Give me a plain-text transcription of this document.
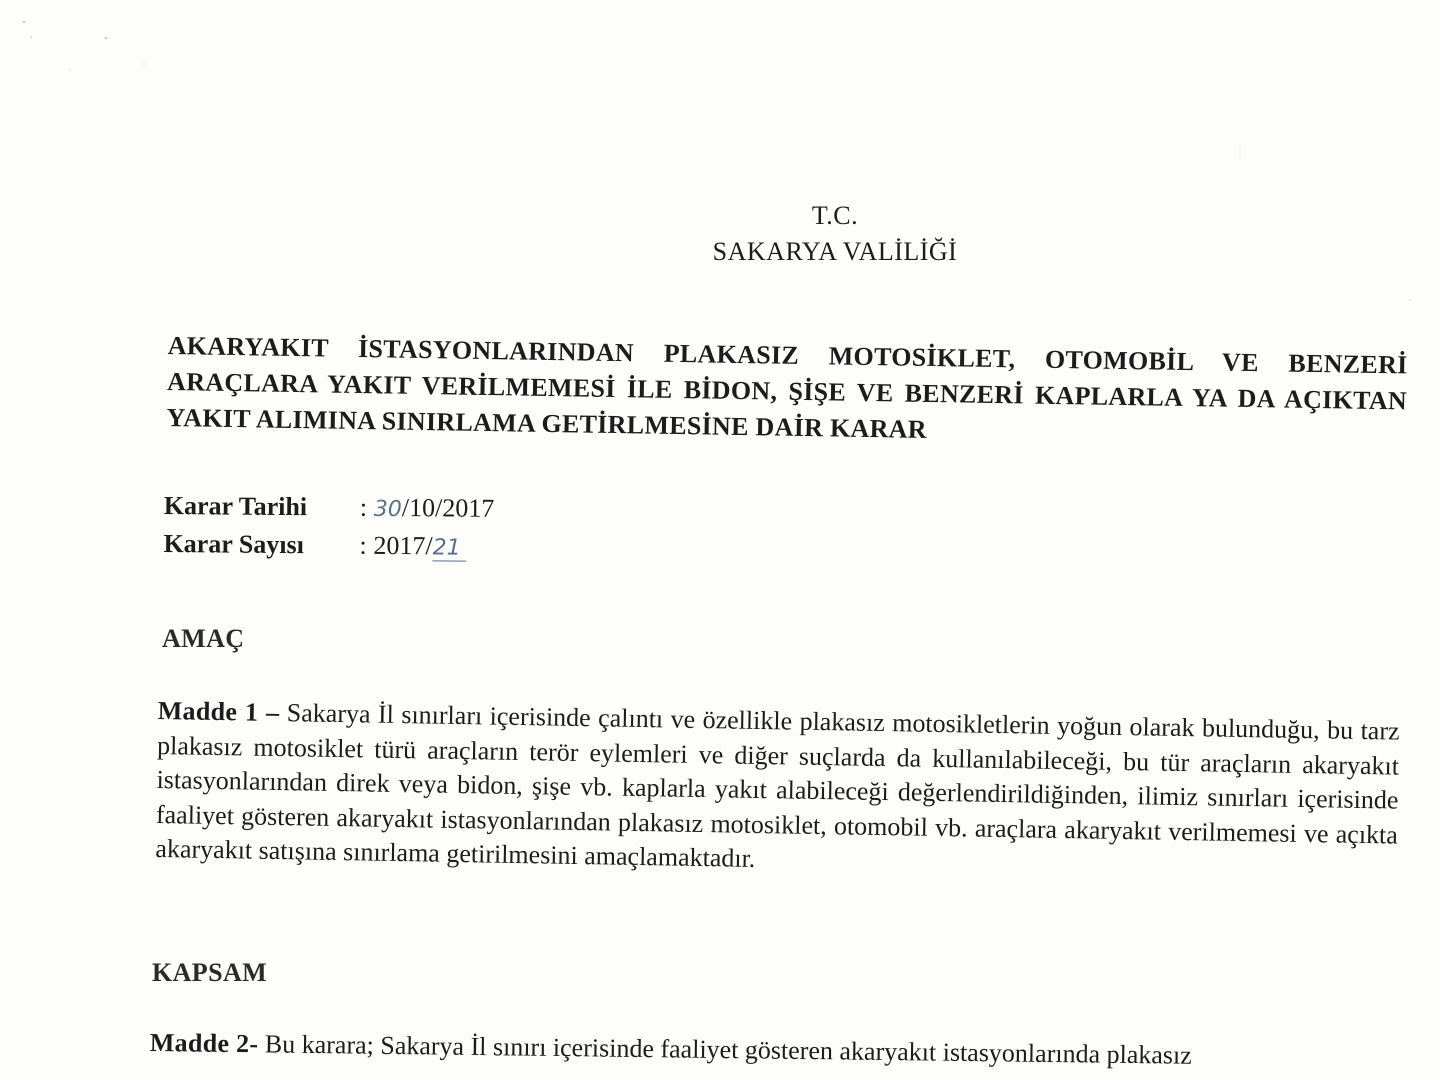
T.C.
SAKARYA VALİLİĞİ
AKARYAKIT İSTASYONLARINDAN PLAKASIZ MOTOSİKLET, OTOMOBİL VE BENZERİ ARAÇLARA YAKIT VERİLMEMESİ İLE BİDON, ŞİŞE VE BENZERİ KAPLARLA YA DA AÇIKTAN YAKIT ALIMINA SINIRLAMA GETİRLMESİNE DAİR KARAR
Karar Tarihi	: 30/10/2017
Karar Sayısı	: 2017/21
AMAÇ
Madde 1 – Sakarya İl sınırları içerisinde çalıntı ve özellikle plakasız motosikletlerin yoğun olarak bulunduğu, bu tarz plakasız motosiklet türü araçların terör eylemleri ve diğer suçlarda da kullanılabileceği, bu tür araçların akaryakıt istasyonlarından direk veya bidon, şişe vb. kaplarla yakıt alabileceği değerlendirildiğinden, ilimiz sınırları içerisinde faaliyet gösteren akaryakıt istasyonlarından plakasız motosiklet, otomobil vb. araçlara akaryakıt verilmemesi ve açıkta akaryakıt satışına sınırlama getirilmesini amaçlamaktadır.
KAPSAM
Madde 2- Bu karara; Sakarya İl sınırı içerisinde faaliyet gösteren akaryakıt istasyonlarında plakasız
